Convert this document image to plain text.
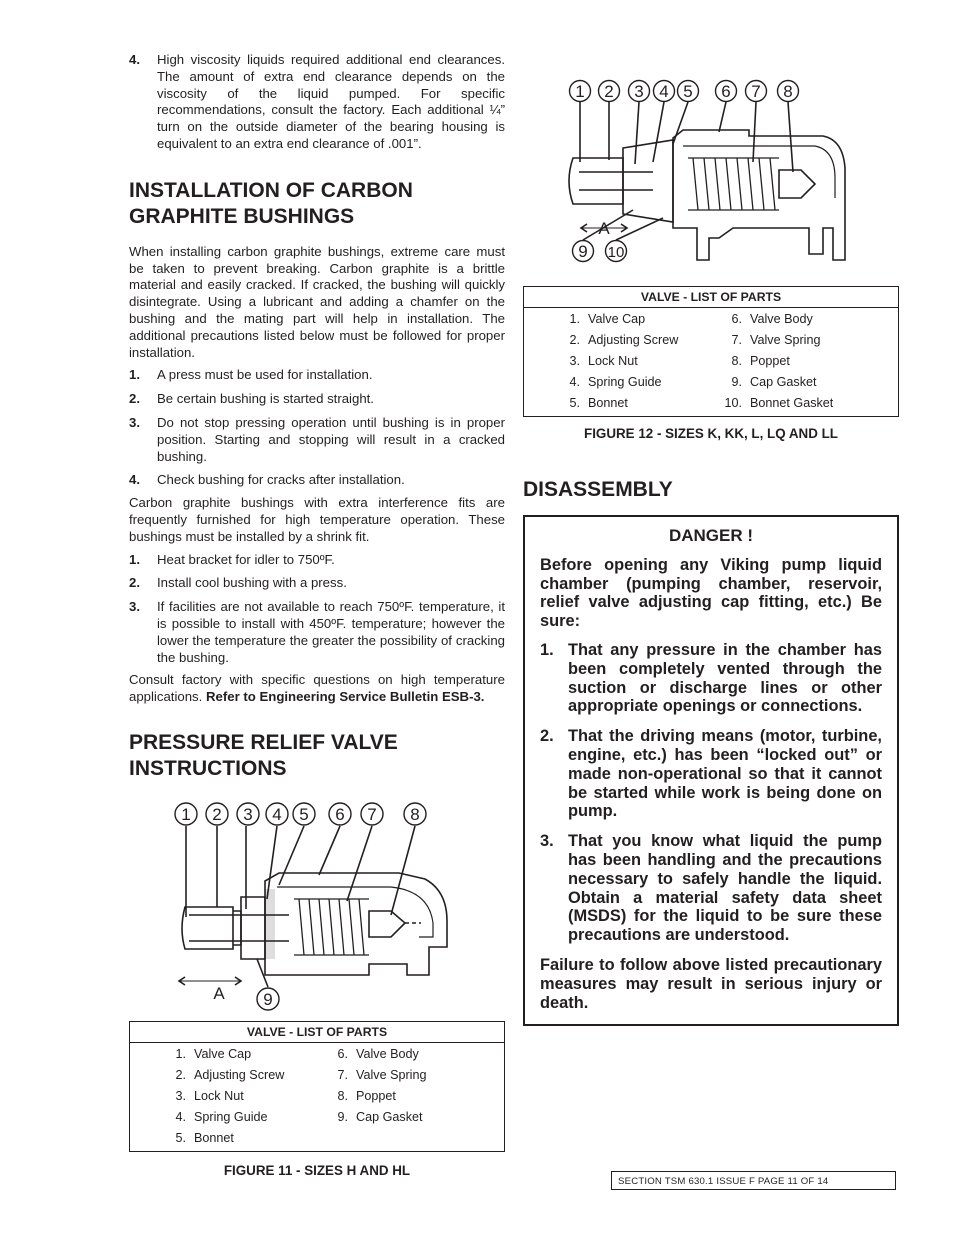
4.	High viscosity liquids required additional end clearances. The amount of extra end clearance depends on the viscosity of the liquid pumped. For specific recommendations, consult the factory. Each additional ¼” turn on the outside diameter of the bearing housing is equivalent to an extra end clearance of .001”.
INSTALLATION OF CARBON GRAPHITE BUSHINGS

When installing carbon graphite bushings, extreme care must be taken to prevent breaking. Carbon graphite is a brittle material and easily cracked. If cracked, the bushing will quickly disintegrate. Using a lubricant and adding a chamfer on the bushing and the mating part will help in installation. The additional precautions listed below must be followed for proper installation.

1.	A press must be used for installation.
2.	Be certain bushing is started straight.
3.	Do not stop pressing operation until bushing is in proper position. Starting and stopping will result in a cracked bushing.
4.	Check bushing for cracks after installation.

Carbon graphite bushings with extra interference fits are frequently furnished for high temperature operation. These bushings must be installed by a shrink fit.

1.	Heat bracket for idler to 750ºF.
2.	Install cool bushing with a press.
3.	If facilities are not available to reach 750ºF. temperature, it is possible to install with 450ºF. temperature; however the lower the temperature the greater the possibility of cracking the bushing.

Consult factory with specific questions on high temperature applications. Refer to Engineering Service Bulletin ESB-3.

PRESSURE RELIEF VALVE INSTRUCTIONS
1 2 3 4 5 6 7 8
9
A
VALVE - LIST OF PARTS
1. Valve Cap	6. Valve Body
2. Adjusting Screw	7. Valve Spring
3. Lock Nut	8. Poppet
4. Spring Guide	9. Cap Gasket
5. Bonnet
FIGURE 11 - SIZES H AND HL
1 2 3 4 5 6 7 8
9 10
A
VALVE - LIST OF PARTS
1. Valve Cap	6. Valve Body
2. Adjusting Screw	7. Valve Spring
3. Lock Nut	8. Poppet
4. Spring Guide	9. Cap Gasket
5. Bonnet	10. Bonnet Gasket
FIGURE 12 - SIZES K, KK, L, LQ AND LL
DISASSEMBLY
DANGER !

Before opening any Viking pump liquid chamber (pumping chamber, reservoir, relief valve adjusting cap fitting, etc.) Be sure:

1. That any pressure in the chamber has been completely vented through the suction or discharge lines or other appropriate openings or connections.
2. That the driving means (motor, turbine, engine, etc.) has been “locked out” or made non-operational so that it cannot be started while work is being done on pump.
3. That you know what liquid the pump has been handling and the precautions necessary to safely handle the liquid. Obtain a material safety data sheet (MSDS) for the liquid to be sure these precautions are understood.

Failure to follow above listed precautionary measures may result in serious injury or death.

SECTION TSM 630.1 ISSUE F PAGE 11 OF 14
